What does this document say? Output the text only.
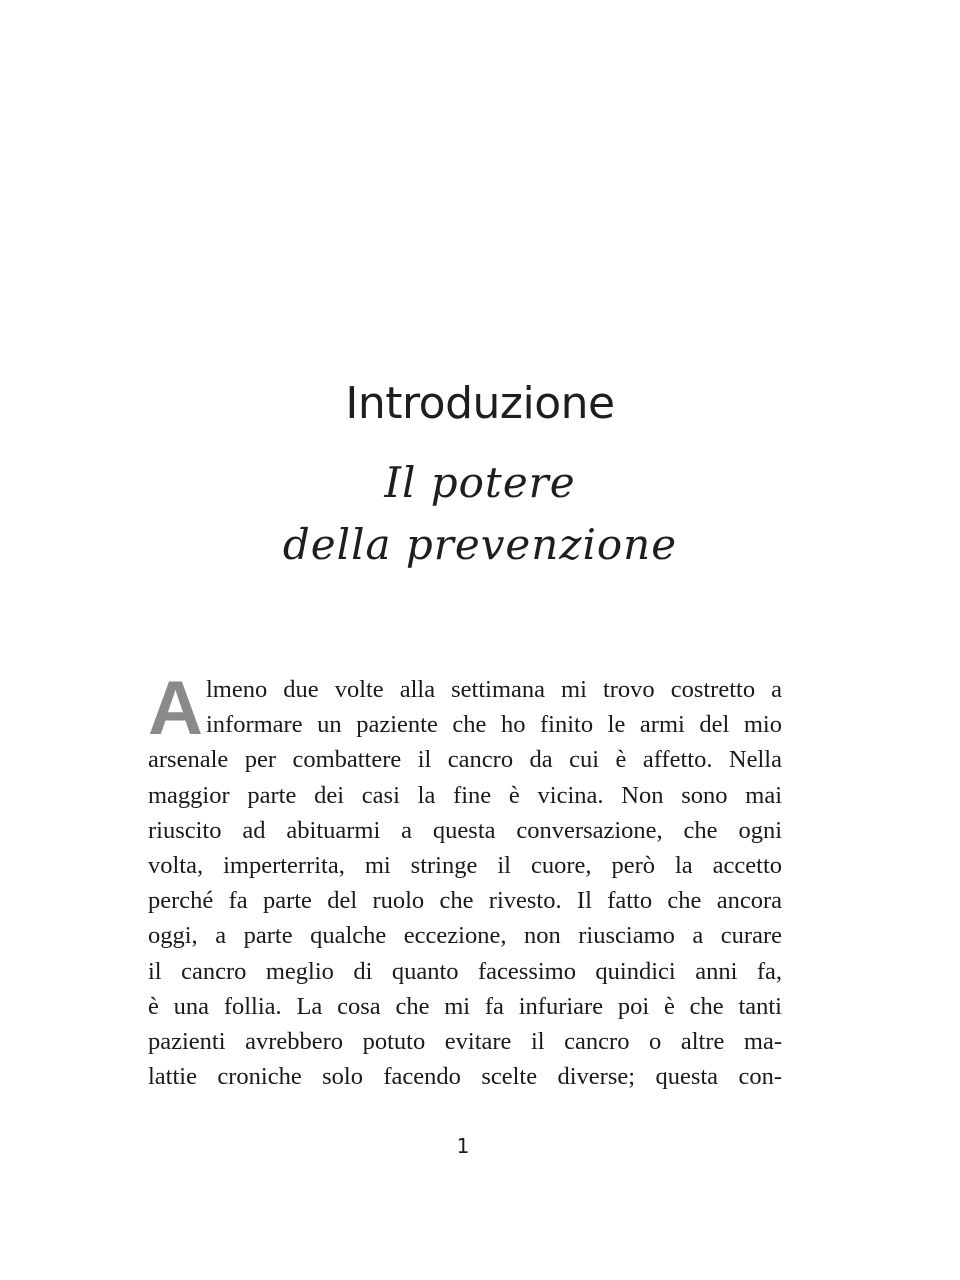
Introduzione
Il potere
della prevenzione
A lmeno due volte alla settimana mi trovo costretto a
informare un paziente che ho finito le armi del mio
arsenale per combattere il cancro da cui è affetto. Nella
maggior parte dei casi la fine è vicina. Non sono mai
riuscito ad abituarmi a questa conversazione, che ogni
volta, imperterrita, mi stringe il cuore, però la accetto
perché fa parte del ruolo che rivesto. Il fatto che ancora
oggi, a parte qualche eccezione, non riusciamo a curare
il cancro meglio di quanto facessimo quindici anni fa,
è una follia. La cosa che mi fa infuriare poi è che tanti
pazienti avrebbero potuto evitare il cancro o altre ma-
lattie croniche solo facendo scelte diverse; questa con-
1
